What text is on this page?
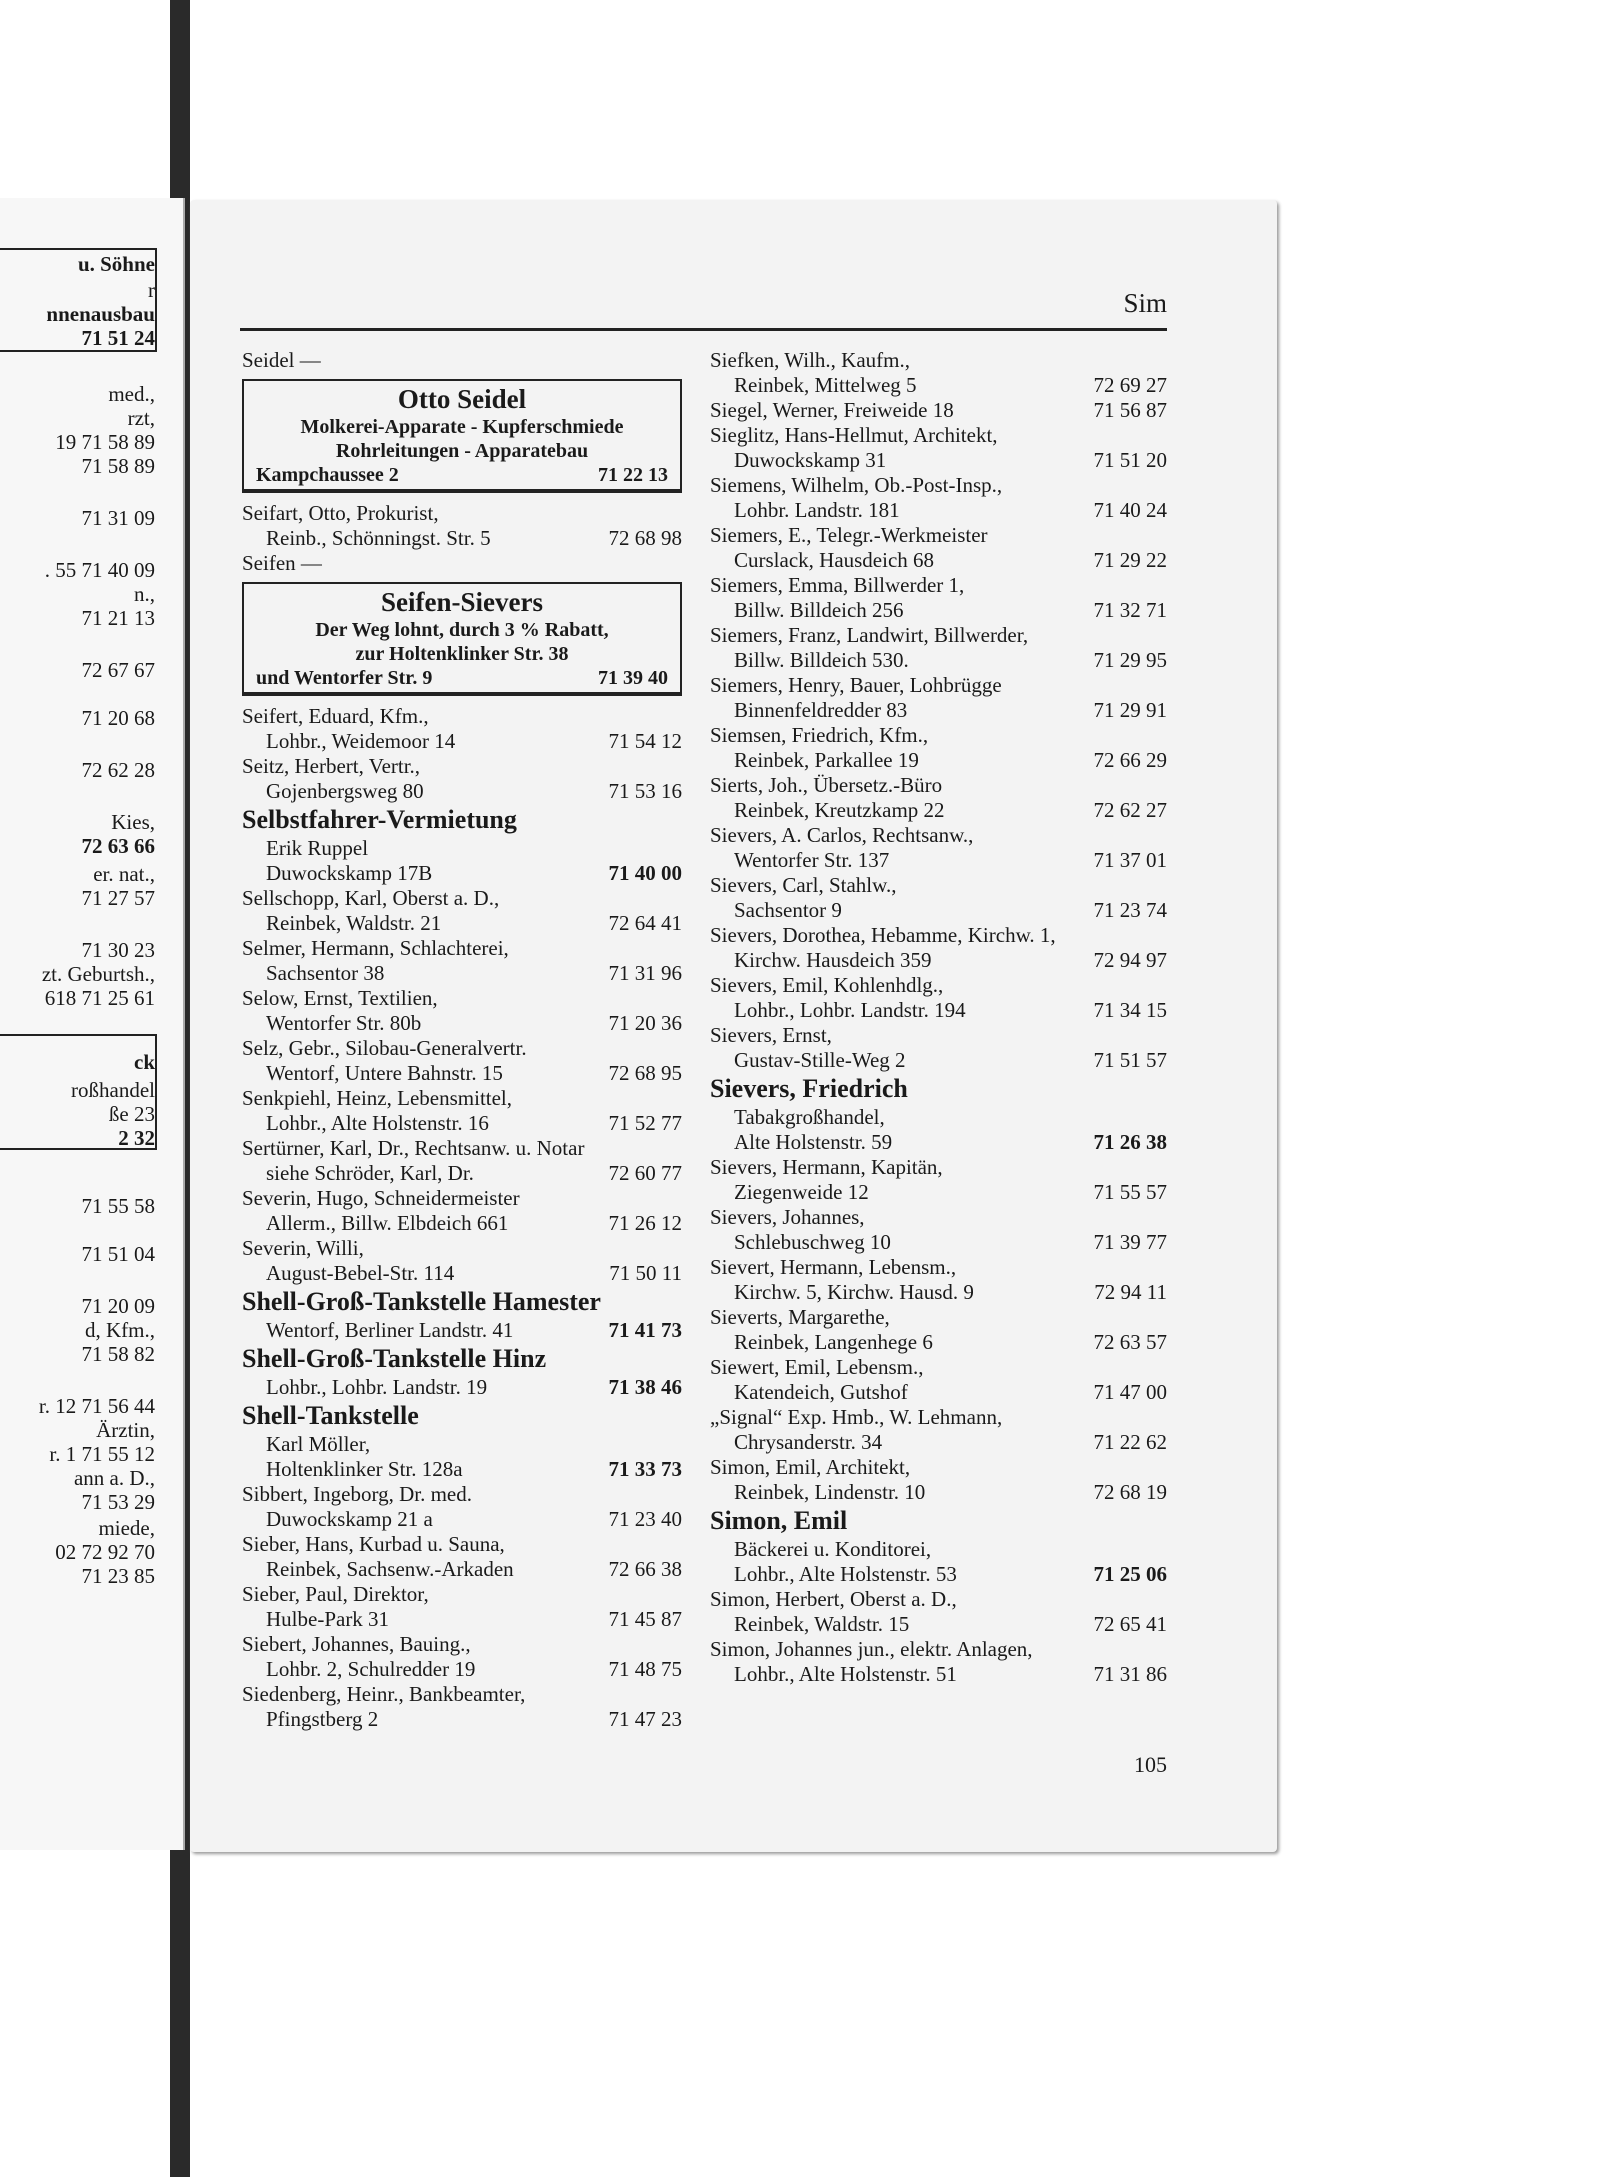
u. Söhne
r
nnenausbau
71 51 24
med.,
rzt,
19 71 58 89
71 58 89
71 31 09
. 55 71 40 09
n.,
71 21 13
72 67 67
71 20 68
72 62 28
Kies,
72 63 66
er. nat.,
71 27 57
71 30 23
zt. Geburtsh.,
618 71 25 61
ck
roßhandel
ße 23
2 32
71 55 58
71 51 04
71 20 09
d, Kfm.,
71 58 82
r. 12 71 56 44
Ärztin,
r. 1 71 55 12
ann a. D.,
71 53 29
miede,
02 72 92 70
71 23 85
Sim
Seidel —
Otto Seidel
Molkerei-Apparate - Kupferschmiede
Rohrleitungen - Apparatebau
Kampchaussee 2	71 22 13
Seifart, Otto, Prokurist,
Reinb., Schönningst. Str. 5	72 68 98
Seifen —
Seifen-Sievers
Der Weg lohnt, durch 3 % Rabatt,
zur Holtenklinker Str. 38
und Wentorfer Str. 9	71 39 40
Seifert, Eduard, Kfm.,
Lohbr., Weidemoor 14	71 54 12
Seitz, Herbert, Vertr.,
Gojenbergsweg 80	71 53 16
Selbstfahrer-Vermietung
Erik Ruppel
Duwockskamp 17B	71 40 00
Sellschopp, Karl, Oberst a. D.,
Reinbek, Waldstr. 21	72 64 41
Selmer, Hermann, Schlachterei,
Sachsentor 38	71 31 96
Selow, Ernst, Textilien,
Wentorfer Str. 80b	71 20 36
Selz, Gebr., Silobau-Generalvertr.
Wentorf, Untere Bahnstr. 15	72 68 95
Senkpiehl, Heinz, Lebensmittel,
Lohbr., Alte Holstenstr. 16	71 52 77
Sertürner, Karl, Dr., Rechtsanw. u. Notar
siehe Schröder, Karl, Dr.	72 60 77
Severin, Hugo, Schneidermeister
Allerm., Billw. Elbdeich 661	71 26 12
Severin, Willi,
August-Bebel-Str. 114	71 50 11
Shell-Groß-Tankstelle Hamester
Wentorf, Berliner Landstr. 41	71 41 73
Shell-Groß-Tankstelle Hinz
Lohbr., Lohbr. Landstr. 19	71 38 46
Shell-Tankstelle
Karl Möller,
Holtenklinker Str. 128a	71 33 73
Sibbert, Ingeborg, Dr. med.
Duwockskamp 21 a	71 23 40
Sieber, Hans, Kurbad u. Sauna,
Reinbek, Sachsenw.-Arkaden	72 66 38
Sieber, Paul, Direktor,
Hulbe-Park 31	71 45 87
Siebert, Johannes, Bauing.,
Lohbr. 2, Schulredder 19	71 48 75
Siedenberg, Heinr., Bankbeamter,
Pfingstberg 2	71 47 23
Siefken, Wilh., Kaufm.,
Reinbek, Mittelweg 5	72 69 27
Siegel, Werner, Freiweide 18	71 56 87
Sieglitz, Hans-Hellmut, Architekt,
Duwockskamp 31	71 51 20
Siemens, Wilhelm, Ob.-Post-Insp.,
Lohbr. Landstr. 181	71 40 24
Siemers, E., Telegr.-Werkmeister
Curslack, Hausdeich 68	71 29 22
Siemers, Emma, Billwerder 1,
Billw. Billdeich 256	71 32 71
Siemers, Franz, Landwirt, Billwerder,
Billw. Billdeich 530.	71 29 95
Siemers, Henry, Bauer, Lohbrügge
Binnenfeldredder 83	71 29 91
Siemsen, Friedrich, Kfm.,
Reinbek, Parkallee 19	72 66 29
Sierts, Joh., Übersetz.-Büro
Reinbek, Kreutzkamp 22	72 62 27
Sievers, A. Carlos, Rechtsanw.,
Wentorfer Str. 137	71 37 01
Sievers, Carl, Stahlw.,
Sachsentor 9	71 23 74
Sievers, Dorothea, Hebamme, Kirchw. 1,
Kirchw. Hausdeich 359	72 94 97
Sievers, Emil, Kohlenhdlg.,
Lohbr., Lohbr. Landstr. 194	71 34 15
Sievers, Ernst,
Gustav-Stille-Weg 2	71 51 57
Sievers, Friedrich
Tabakgroßhandel,
Alte Holstenstr. 59	71 26 38
Sievers, Hermann, Kapitän,
Ziegenweide 12	71 55 57
Sievers, Johannes,
Schlebuschweg 10	71 39 77
Sievert, Hermann, Lebensm.,
Kirchw. 5, Kirchw. Hausd. 9	72 94 11
Sieverts, Margarethe,
Reinbek, Langenhege 6	72 63 57
Siewert, Emil, Lebensm.,
Katendeich, Gutshof	71 47 00
„Signal“ Exp. Hmb., W. Lehmann,
Chrysanderstr. 34	71 22 62
Simon, Emil, Architekt,
Reinbek, Lindenstr. 10	72 68 19
Simon, Emil
Bäckerei u. Konditorei,
Lohbr., Alte Holstenstr. 53	71 25 06
Simon, Herbert, Oberst a. D.,
Reinbek, Waldstr. 15	72 65 41
Simon, Johannes jun., elektr. Anlagen,
Lohbr., Alte Holstenstr. 51	71 31 86
105
